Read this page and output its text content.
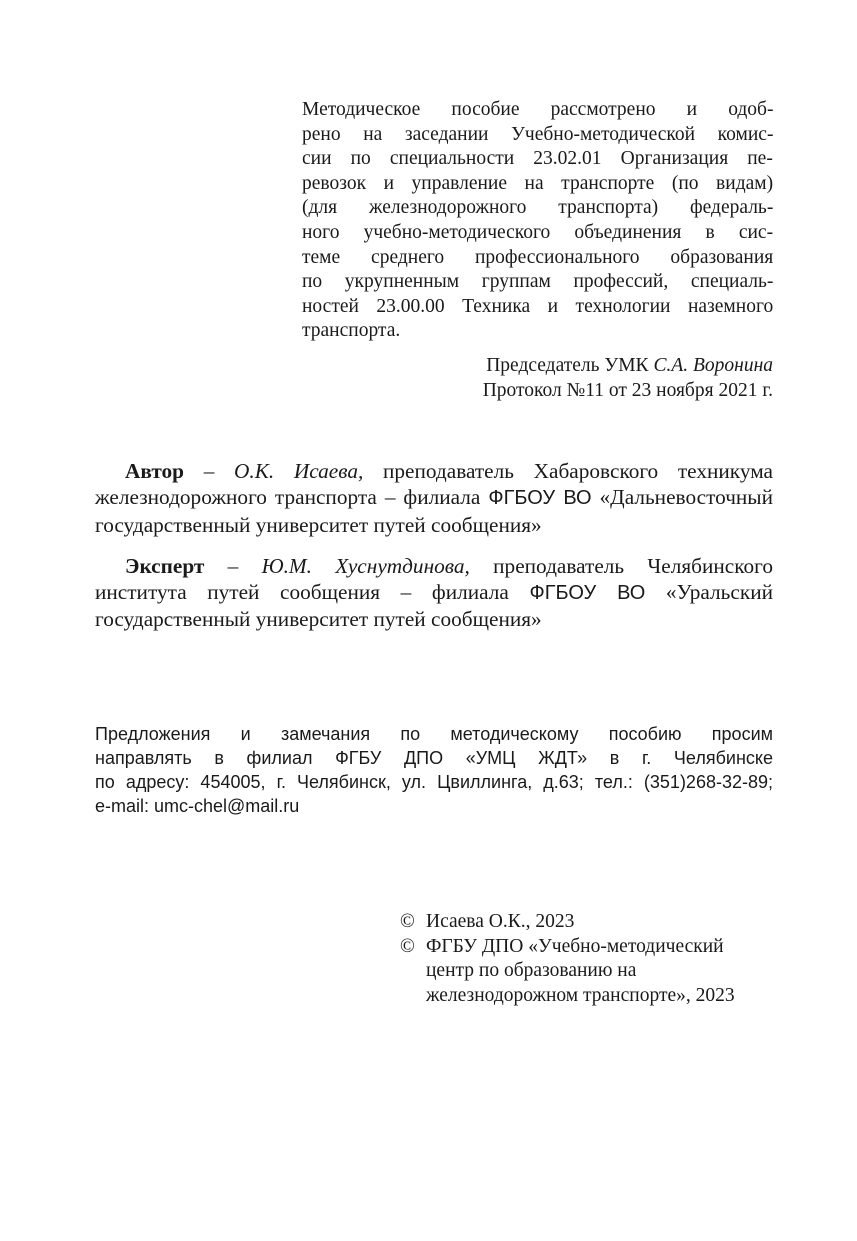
Методическое пособие рассмотрено и одоб-
рено на заседании Учебно-методической комис-
сии по специальности 23.02.01 Организация пе-
ревозок и управление на транспорте (по видам)
(для железнодорожного транспорта) федераль-
ного учебно-методического объединения в сис-
теме среднего профессионального образования
по укрупненным группам профессий, специаль-
ностей 23.00.00 Техника и технологии наземного
транспорта.
Председатель УМК С.А. Воронина
Протокол №11 от 23 ноября 2021 г.

Автор – О.К. Исаева, преподаватель Хабаровского техникума железнодорожного транспорта – филиала ФГБОУ ВО «Дальневосточный государственный университет путей сообщения»

Эксперт – Ю.М. Хуснутдинова, преподаватель Челябинского института путей сообщения – филиала ФГБОУ ВО «Уральский государственный университет путей сообщения»

Предложения и замечания по методическому пособию просим
направлять в филиал ФГБУ ДПО «УМЦ ЖДТ» в г. Челябинске
по адресу: 454005, г. Челябинск, ул. Цвиллинга, д.63; тел.: (351)268-32-89;
e-mail: umc-chel@mail.ru
© Исаева О.К., 2023
© ФГБУ ДПО «Учебно-методический центр по образованию на железнодорожном транспорте», 2023
